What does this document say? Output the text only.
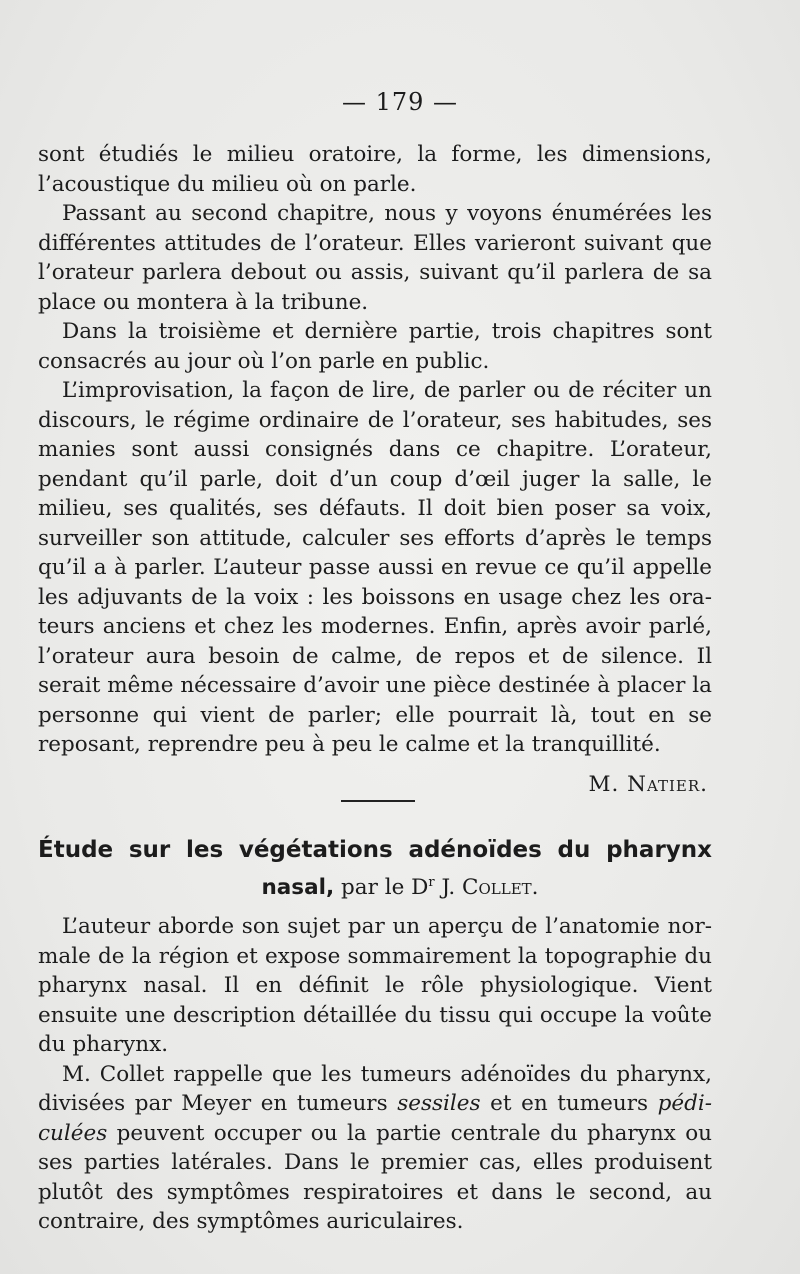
— 179 —

sont étudiés le milieu oratoire, la forme, les dimensions, l’acoustique du milieu où on parle.

Passant au second chapitre, nous y voyons énumérées les différentes attitudes de l’orateur. Elles varieront suivant que l’orateur parlera debout ou assis, suivant qu’il parlera de sa place ou montera à la tribune.

Dans la troisième et dernière partie, trois chapitres sont consacrés au jour où l’on parle en public.

L’improvisation, la façon de lire, de parler ou de réciter un discours, le régime ordinaire de l’orateur, ses habitudes, ses manies sont aussi consignés dans ce chapitre. L’orateur, pendant qu’il parle, doit d’un coup d’œil juger la salle, le milieu, ses qualités, ses défauts. Il doit bien poser sa voix, surveiller son attitude, calculer ses efforts d’après le temps qu’il a à parler. L’auteur passe aussi en revue ce qu’il appelle les adjuvants de la voix : les boissons en usage chez les orateurs anciens et chez les modernes. Enfin, après avoir parlé, l’orateur aura besoin de calme, de repos et de silence. Il serait même nécessaire d’avoir une pièce destinée à placer la personne qui vient de parler; elle pourrait là, tout en se reposant, reprendre peu à peu le calme et la tranquillité.

M. Natier.
Étude sur les végétations adénoïdes du pharynx
nasal, par le $D^r$ J. Collet.

L’auteur aborde son sujet par un aperçu de l’anatomie normale de la région et expose sommairement la topographie du pharynx nasal. Il en définit le rôle physiologique. Vient ensuite une description détaillée du tissu qui occupe la voûte du pharynx.

M. Collet rappelle que les tumeurs adénoïdes du pharynx, divisées par Meyer en tumeurs sessiles et en tumeurs pédiculées peuvent occuper ou la partie centrale du pharynx ou ses parties latérales. Dans le premier cas, elles produisent plutôt des symptômes respiratoires et dans le second, au contraire, des symptômes auriculaires.
